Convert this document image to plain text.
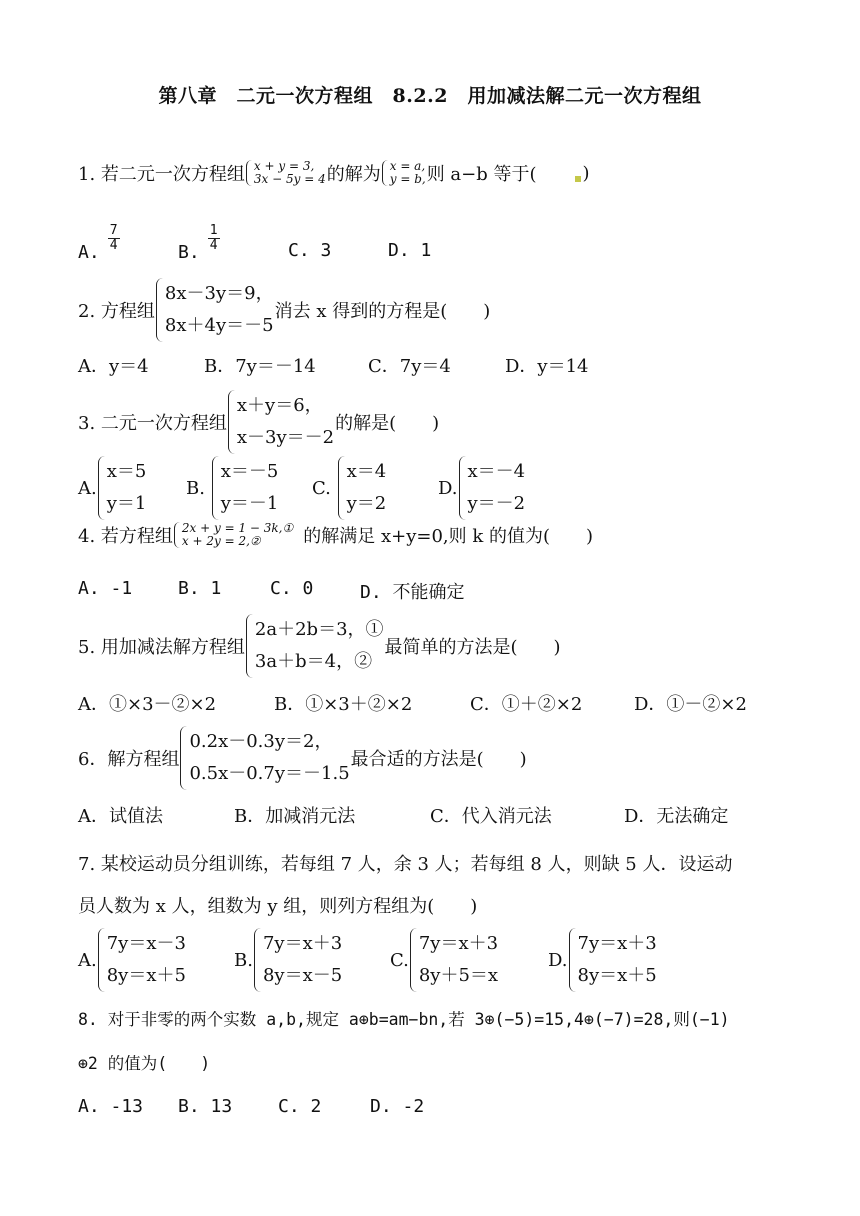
第八章　二元一次方程组　8.2.2　用加减法解二元一次方程组
1. 若二元一次方程组 x + y = 3,
3x − 5y = 4 的解为 x = a,
y = b, 则 a−b 等于(	)
A. $\frac{7}{4}$	B. $\frac{1}{4}$	C. 3	D. 1
2. 方程组
8x－3y＝9，
8x＋4y＝－5
消去 x 得到的方程是(　　)
A．y＝4	B．7y＝－14	C．7y＝4	D．y＝14
3. 二元一次方程组
x＋y＝6，
x－3y＝－2
的解是(　　)
A.
x＝5
y＝1
B.

x＝－5
y＝－1
C.

x＝4
y＝2
D.
x＝－4
y＝－2
4. 若方程组 2x + y = 1 − 3k,①
x + 2y = 2,②	的解满足 x+y=0,则 k 的值为(　　)
A. -1	B. 1	C. 0	D. 不能确定
5. 用加减法解方程组
2a＋2b＝3，①
3a＋b＝4，②
最简单的方法是(　　)
A．①×3－②×2	B．①×3＋②×2	C．①＋②×2	D．①－②×2
6．解方程组
0.2x－0.3y＝2，
0.5x－0.7y＝－1.5
最合适的方法是(　　)
A．试值法	B．加减消元法	C．代入消元法	D．无法确定
7. 某校运动员分组训练，若每组 7 人，余 3 人；若每组 8 人，则缺 5 人．设运动
员人数为 x 人，组数为 y 组，则列方程组为(　　)
A.
7y＝x－3
8y＝x＋5
B.
7y＝x＋3
8y＝x－5
C.
7y＝x＋3
8y＋5＝x
D.
7y＝x＋3
8y＝x＋5
8. 对于非零的两个实数 a,b,规定 a⊕b=am−bn,若 3⊕(−5)=15,4⊕(−7)=28,则(−1)
⊕2 的值为(　　)
A. -13 B. 13	C. 2	D. -2
